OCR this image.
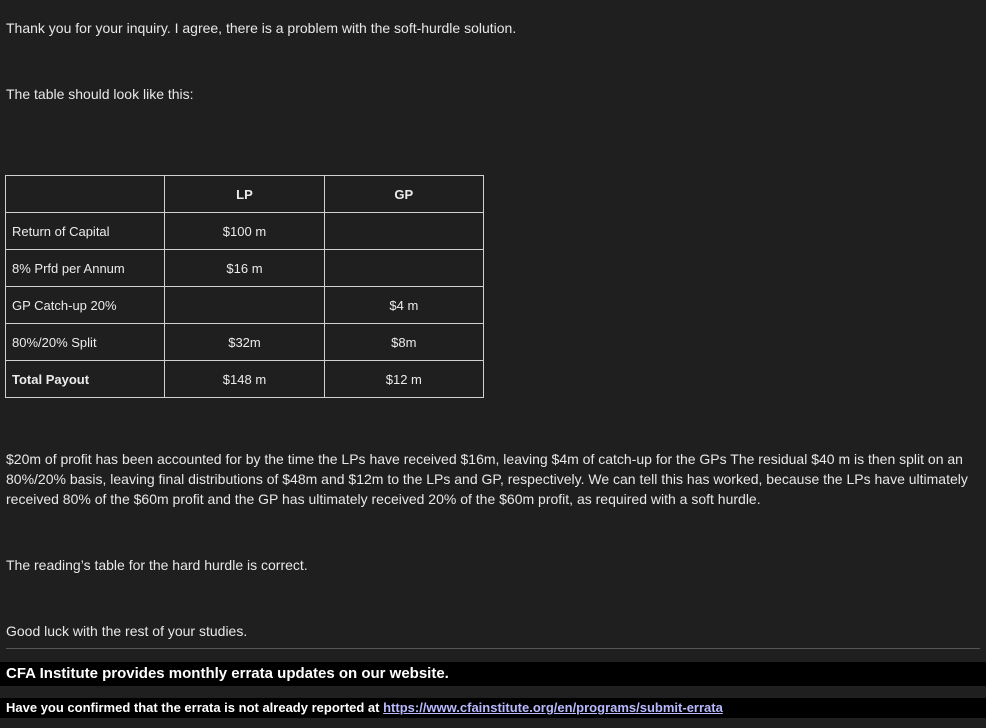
Thank you for your inquiry. I agree, there is a problem with the soft-hurdle solution.

The table should look like this:

	LP	GP
Return of Capital	$100 m	
8% Prfd per Annum	$16 m	
GP Catch-up 20%		$4 m
80%/20% Split	$32m	$8m
Total Payout	$148 m	$12 m

$20m of profit has been accounted for by the time the LPs have received $16m, leaving $4m of catch-up for the GPs The residual $40 m is then split on an 80%/20% basis, leaving final distributions of $48m and $12m to the LPs and GP, respectively. We can tell this has worked, because the LPs have ultimately received 80% of the $60m profit and the GP has ultimately received 20% of the $60m profit, as required with a soft hurdle.

The reading’s table for the hard hurdle is correct.

Good luck with the rest of your studies.

CFA Institute provides monthly errata updates on our website.
Have you confirmed that the errata is not already reported at https://www.cfainstitute.org/en/programs/submit-errata
